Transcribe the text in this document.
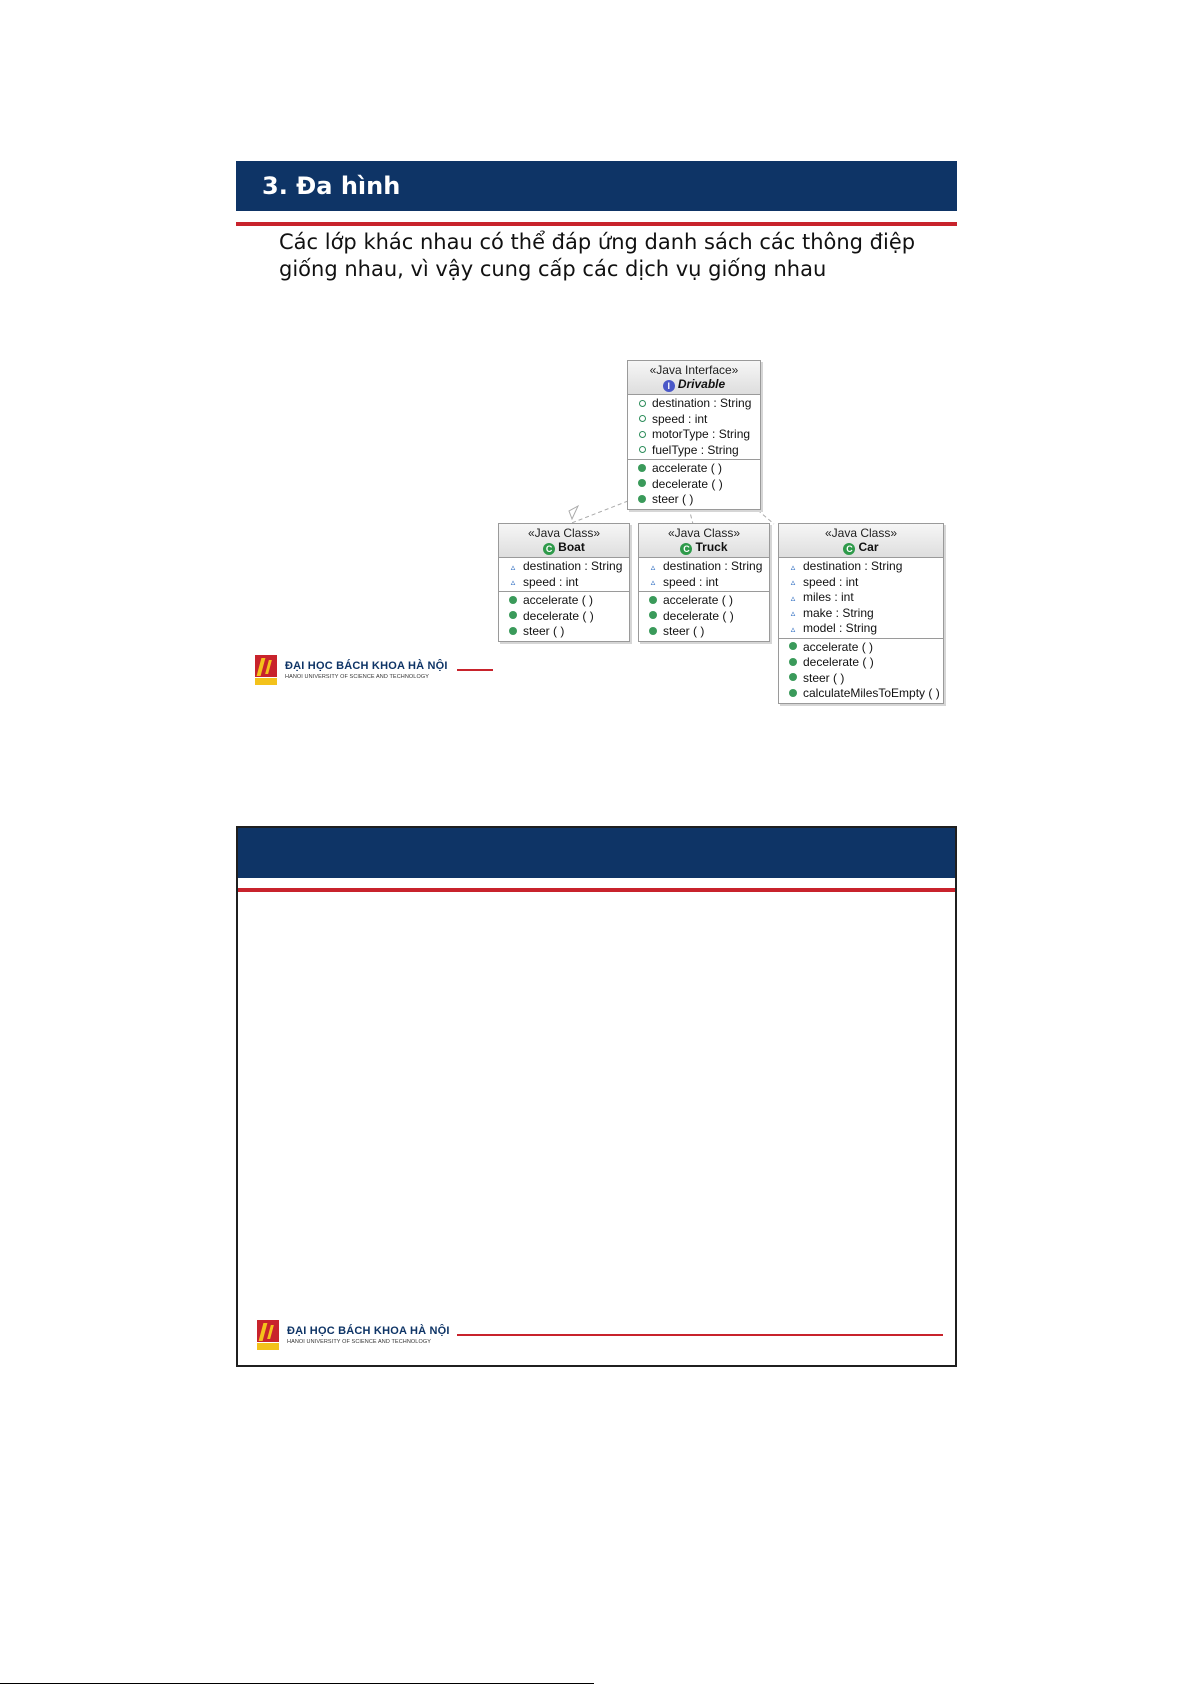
3. Đa hình
Các lớp khác nhau có thể đáp ứng danh sách các thông điệp
giống nhau, vì vậy cung cấp các dịch vụ giống nhau
«Java Interface»
I Drivable
destination : String
speed : int
motorType : String
fuelType : String
accelerate ( )
decelerate ( )
steer ( )
«Java Class»
C Boat
▵ destination : String
▵ speed : int
accelerate ( )
decelerate ( )
steer ( )
«Java Class»
C Truck
▵ destination : String
▵ speed : int
accelerate ( )
decelerate ( )
steer ( )
«Java Class»
C Car
▵ destination : String
▵ speed : int
▵ miles : int
▵ make : String
▵ model : String
accelerate ( )
decelerate ( )
steer ( )
calculateMilesToEmpty ( )
ĐẠI HỌC BÁCH KHOA HÀ NỘI
HANOI UNIVERSITY OF SCIENCE AND TECHNOLOGY
ĐẠI HỌC BÁCH KHOA HÀ NỘI
HANOI UNIVERSITY OF SCIENCE AND TECHNOLOGY
